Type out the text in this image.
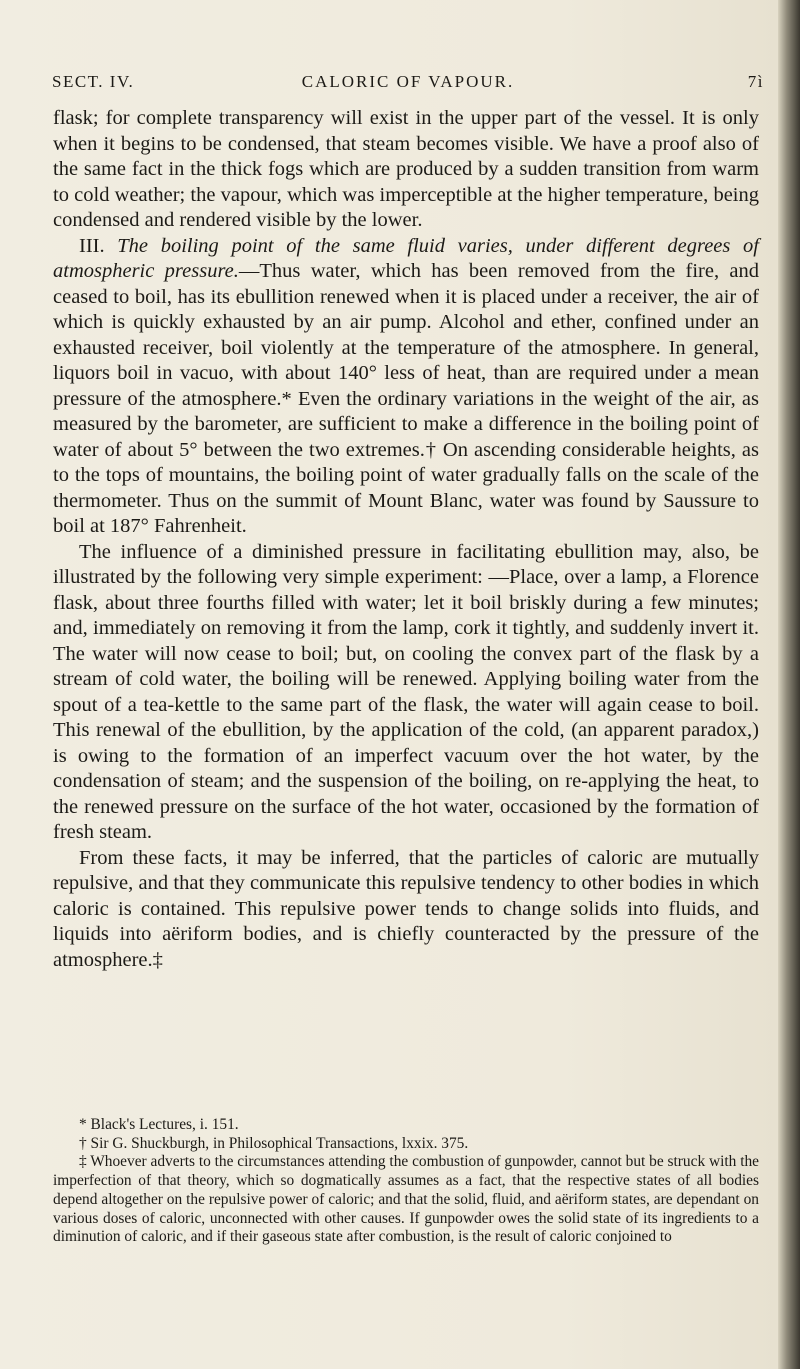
SECT. IV.	CALORIC OF VAPOUR.	7ì

flask; for complete transparency will exist in the upper part of the vessel. It is only when it begins to be condensed, that steam becomes visible. We have a proof also of the same fact in the thick fogs which are produced by a sudden transition from warm to cold weather; the vapour, which was imperceptible at the higher temperature, being condensed and rendered visible by the lower.

III. The boiling point of the same fluid varies, under different degrees of atmospheric pressure.—Thus water, which has been removed from the fire, and ceased to boil, has its ebullition renewed when it is placed under a receiver, the air of which is quickly exhausted by an air pump. Alcohol and ether, confined under an exhausted receiver, boil violently at the temperature of the atmosphere. In general, liquors boil in vacuo, with about 140° less of heat, than are required under a mean pressure of the atmosphere.* Even the ordinary variations in the weight of the air, as measured by the barometer, are sufficient to make a difference in the boiling point of water of about 5° between the two extremes.† On ascending considerable heights, as to the tops of mountains, the boiling point of water gradually falls on the scale of the thermometer. Thus on the summit of Mount Blanc, water was found by Saussure to boil at 187° Fahrenheit.

The influence of a diminished pressure in facilitating ebullition may, also, be illustrated by the following very simple experiment: —Place, over a lamp, a Florence flask, about three fourths filled with water; let it boil briskly during a few minutes; and, immediately on removing it from the lamp, cork it tightly, and suddenly invert it. The water will now cease to boil; but, on cooling the convex part of the flask by a stream of cold water, the boiling will be renewed. Applying boiling water from the spout of a tea-kettle to the same part of the flask, the water will again cease to boil. This renewal of the ebullition, by the application of the cold, (an apparent paradox,) is owing to the formation of an imperfect vacuum over the hot water, by the condensation of steam; and the suspension of the boiling, on re-applying the heat, to the renewed pressure on the surface of the hot water, occasioned by the formation of fresh steam.

From these facts, it may be inferred, that the particles of caloric are mutually repulsive, and that they communicate this repulsive tendency to other bodies in which caloric is contained. This repulsive power tends to change solids into fluids, and liquids into aëriform bodies, and is chiefly counteracted by the pressure of the atmosphere.‡

* Black's Lectures, i. 151.

† Sir G. Shuckburgh, in Philosophical Transactions, lxxix. 375.

‡ Whoever adverts to the circumstances attending the combustion of gunpowder, cannot but be struck with the imperfection of that theory, which so dogmatically assumes as a fact, that the respective states of all bodies depend altogether on the repulsive power of caloric; and that the solid, fluid, and aëriform states, are dependant on various doses of caloric, unconnected with other causes. If gunpowder owes the solid state of its ingredients to a diminution of caloric, and if their gaseous state after combustion, is the result of caloric conjoined to
